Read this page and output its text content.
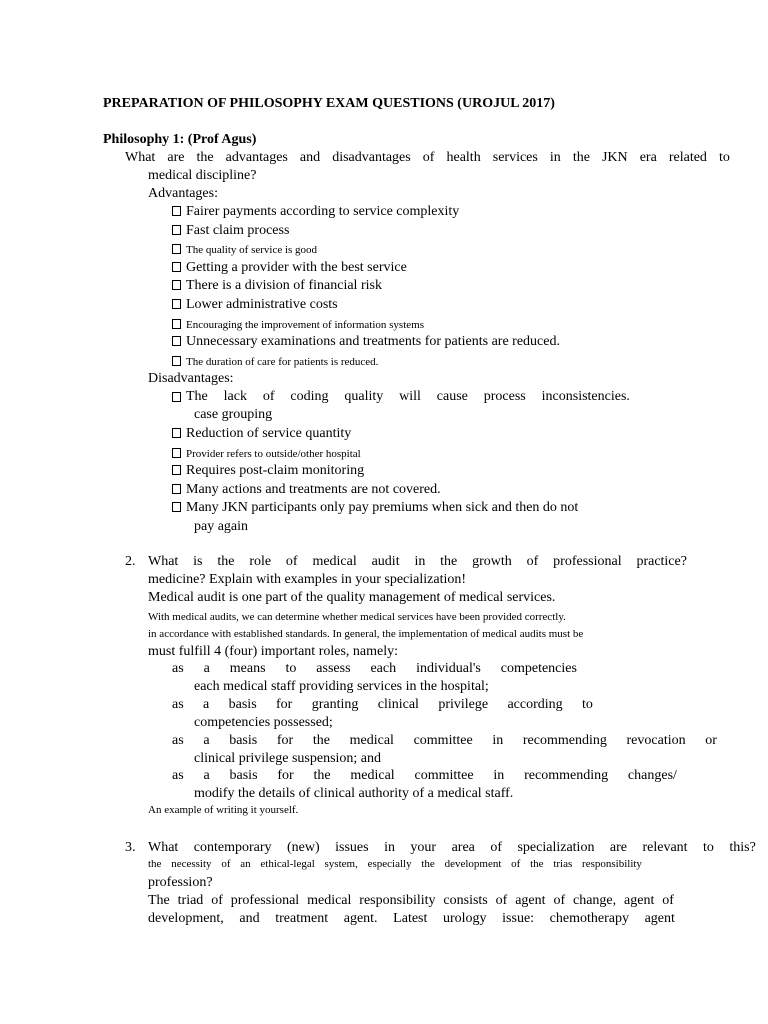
PREPARATION OF PHILOSOPHY EXAM QUESTIONS (UROJUL 2017)
Philosophy 1: (Prof Agus)
What are the advantages and disadvantages of health services in the JKN era related to
medical discipline?
Advantages:
Fairer payments according to service complexity
Fast claim process
The quality of service is good
Getting a provider with the best service
There is a division of financial risk
Lower administrative costs
Encouraging the improvement of information systems
Unnecessary examinations and treatments for patients are reduced.
The duration of care for patients is reduced.
Disadvantages:
The lack of coding quality will cause process inconsistencies.
case grouping
Reduction of service quantity
Provider refers to outside/other hospital
Requires post-claim monitoring
Many actions and treatments are not covered.
Many JKN participants only pay premiums when sick and then do not
pay again
2. What is the role of medical audit in the growth of professional practice?
medicine? Explain with examples in your specialization!
Medical audit is one part of the quality management of medical services.
With medical audits, we can determine whether medical services have been provided correctly.
in accordance with established standards. In general, the implementation of medical audits must be
must fulfill 4 (four) important roles, namely:
as a means to assess each individual's competencies
each medical staff providing services in the hospital;
as a basis for granting clinical privilege according to
competencies possessed;
as a basis for the medical committee in recommending revocation or
clinical privilege suspension; and
as a basis for the medical committee in recommending changes/
modify the details of clinical authority of a medical staff.
An example of writing it yourself.
3. What contemporary (new) issues in your area of specialization are relevant to this?
the necessity of an ethical-legal system, especially the development of the trias responsibility
profession?
The triad of professional medical responsibility consists of agent of change, agent of
development, and treatment agent. Latest urology issue: chemotherapy agent
